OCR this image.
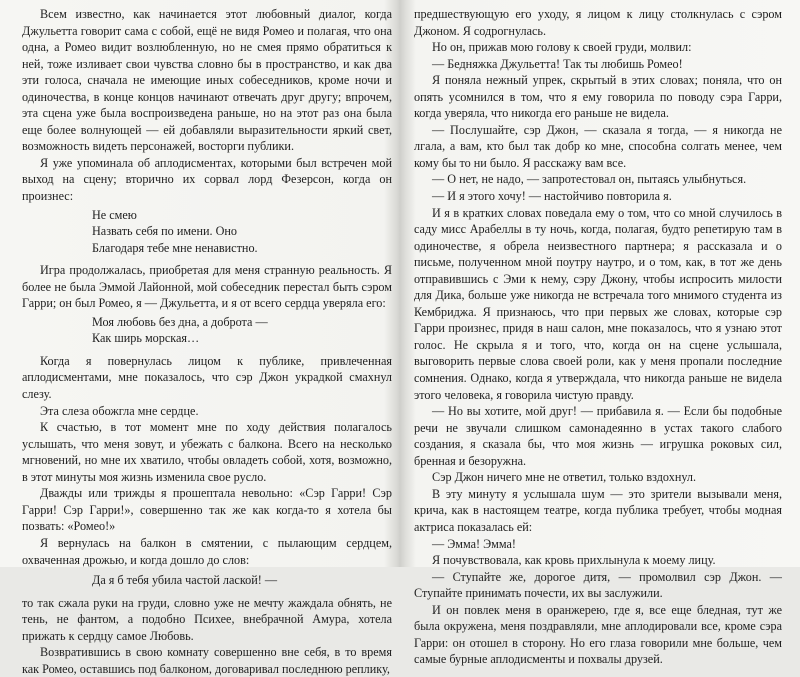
Всем известно, как начинается этот любовный диалог, когда Джульетта говорит сама с собой, ещё не видя Ромео и полагая, что она одна, а Ромео видит возлюбленную, но не смея прямо обратиться к ней, тоже изливает свои чувства словно бы в пространство, и как два эти голоса, сначала не имеющие иных собеседников, кроме ночи и одиночества, в конце концов начинают отвечать друг другу; впрочем, эта сцена уже была воспроизведена раньше, но на этот раз она была еще более волнующей — ей добавляли выразительности яркий свет, возможность видеть персонажей, восторги публики.

Я уже упоминала об аплодисментах, которыми был встречен мой выход на сцену; вторично их сорвал лорд Фезерсон, когда он произнес:

Не смею
Назвать себя по имени. Оно
Благодаря тебе мне ненавистно.

Игра продолжалась, приобретая для меня странную реальность. Я более не была Эммой Лайонной, мой собеседник перестал быть сэром Гарри; он был Ромео, я — Джульетта, и я от всего сердца уверяла его:

Моя любовь без дна, а доброта —
Как ширь морская…

Когда я повернулась лицом к публике, привлеченная аплодисментами, мне показалось, что сэр Джон украдкой смахнул слезу.

Эта слеза обожгла мне сердце.

К счастью, в тот момент мне по ходу действия полагалось услышать, что меня зовут, и убежать с балкона. Всего на несколько мгновений, но мне их хватило, чтобы овладеть собой, хотя, возможно, в этот минуты моя жизнь изменила свое русло.

Дважды или трижды я прошептала невольно: «Сэр Гарри! Сэр Гарри! Сэр Гарри!», совершенно так же как когда-то я хотела бы позвать: «Ромео!»

Я вернулась на балкон в смятении, с пылающим сердцем, охваченная дрожью, и когда дошло до слов:

Да я б тебя убила частой лаской! —

то так сжала руки на груди, словно уже не мечту жаждала обнять, не тень, не фантом, а подобно Психее, внебрачной Амура, хотела прижать к сердцу самое Любовь.

Возвратившись в свою комнату совершенно вне себя, в то время как Ромео, оставшись под балконом, договаривал последнюю реплику,

предшествующую его уходу, я лицом к лицу столкнулась с сэром Джоном. Я содрогнулась.

Но он, прижав мою голову к своей груди, молвил:

— Бедняжка Джульетта! Так ты любишь Ромео!

Я поняла нежный упрек, скрытый в этих словах; поняла, что он опять усомнился в том, что я ему говорила по поводу сэра Гарри, когда уверяла, что никогда его раньше не видела.

— Послушайте, сэр Джон, — сказала я тогда, — я никогда не лгала, а вам, кто был так добр ко мне, способна солгать менее, чем кому бы то ни было. Я расскажу вам все.

— О нет, не надо, — запротестовал он, пытаясь улыбнуться.

— И я этого хочу! — настойчиво повторила я.

И я в кратких словах поведала ему о том, что со мной случилось в саду мисс Арабеллы в ту ночь, когда, полагая, будто репетирую там в одиночестве, я обрела неизвестного партнера; я рассказала и о письме, полученном мной поутру наутро, и о том, как, в тот же день отправившись с Эми к нему, сэру Джону, чтобы испросить милости для Дика, больше уже никогда не встречала того мнимого студента из Кембриджа. Я признаюсь, что при первых же словах, которые сэр Гарри произнес, придя в наш салон, мне показалось, что я узнаю этот голос. Не скрыла я и того, что, когда он на сцене услышала, выговорить первые слова своей роли, как у меня пропали последние сомнения. Однако, когда я утверждала, что никогда раньше не видела этого человека, я говорила чистую правду.

— Но вы хотите, мой друг! — прибавила я. — Если бы подобные речи не звучали слишком самонадеянно в устах такого слабого создания, я сказала бы, что моя жизнь — игрушка роковых сил, бренная и безоружна.

Сэр Джон ничего мне не ответил, только вздохнул.

В эту минуту я услышала шум — это зрители вызывали меня, крича, как в настоящем театре, когда публика требует, чтобы модная актриса показалась ей:

— Эмма! Эмма!

Я почувствовала, как кровь прихлынула к моему лицу.

— Ступайте же, дорогое дитя, — промолвил сэр Джон. — Ступайте принимать почести, их вы заслужили.

И он повлек меня в оранжерею, где я, все еще бледная, тут же была окружена, меня поздравляли, мне аплодировали все, кроме сэра Гарри: он отошел в сторону. Но его глаза говорили мне больше, чем самые бурные аплодисменты и похвалы друзей.
